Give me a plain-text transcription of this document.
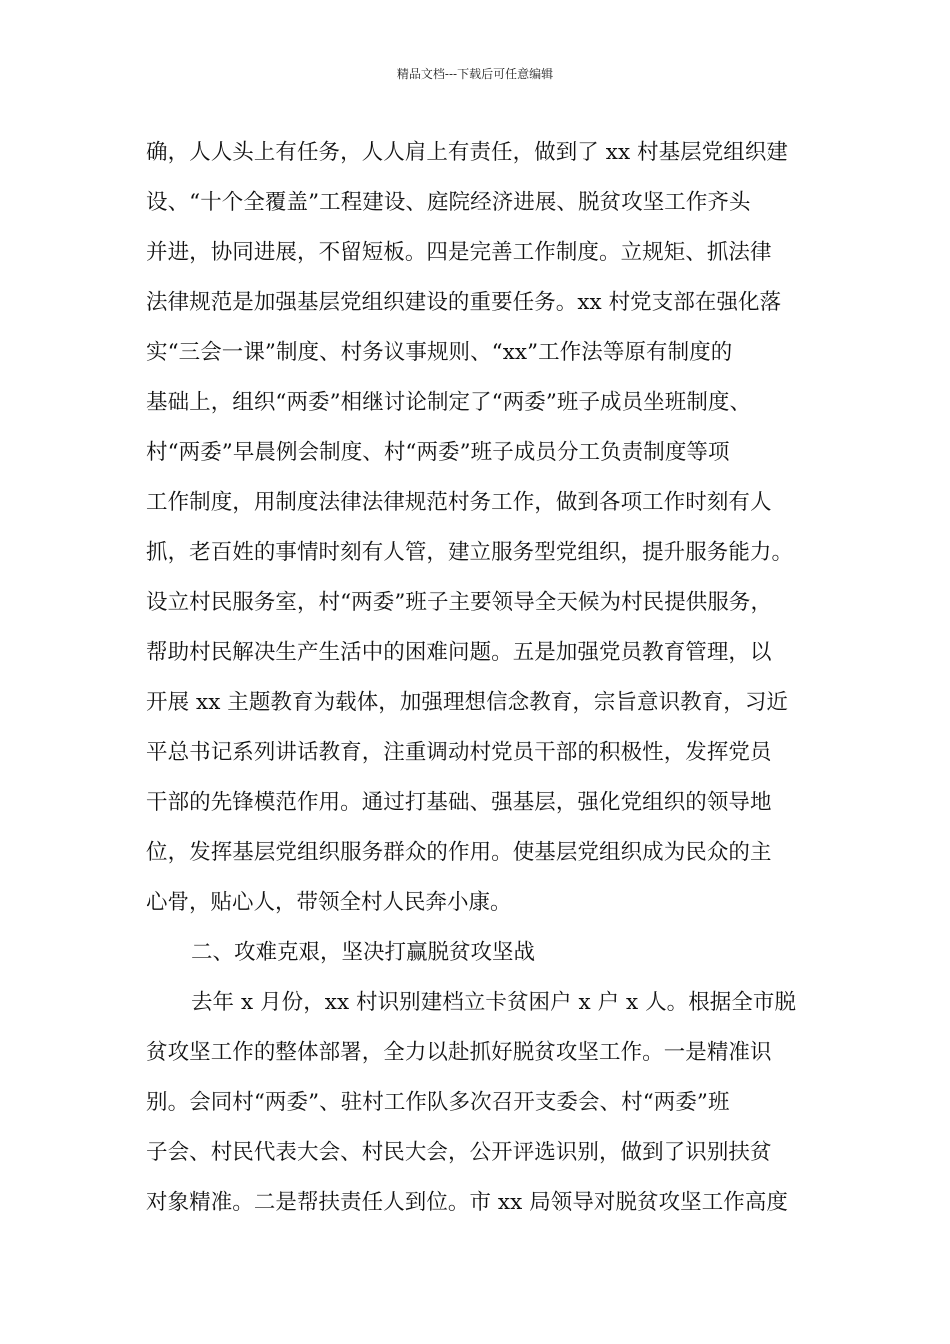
精品文档---下载后可任意编辑
确，人人头上有任务，人人肩上有责任，做到了 xx 村基层党组织建
设、“十个全覆盖”工程建设、庭院经济进展、脱贫攻坚工作齐头
并进，协同进展，不留短板。四是完善工作制度。立规矩、抓法律
法律规范是加强基层党组织建设的重要任务。xx 村党支部在强化落
实“三会一课”制度、村务议事规则、“xx”工作法等原有制度的
基础上，组织“两委”相继讨论制定了“两委”班子成员坐班制度、
村“两委”早晨例会制度、村“两委”班子成员分工负责制度等项
工作制度，用制度法律法律规范村务工作，做到各项工作时刻有人
抓，老百姓的事情时刻有人管，建立服务型党组织，提升服务能力。
设立村民服务室，村“两委”班子主要领导全天候为村民提供服务，
帮助村民解决生产生活中的困难问题。五是加强党员教育管理，以
开展 xx 主题教育为载体，加强理想信念教育，宗旨意识教育，习近
平总书记系列讲话教育，注重调动村党员干部的积极性，发挥党员
干部的先锋模范作用。通过打基础、强基层，强化党组织的领导地
位，发挥基层党组织服务群众的作用。使基层党组织成为民众的主
心骨，贴心人，带领全村人民奔小康。
二、攻难克艰，坚决打赢脱贫攻坚战
去年 x 月份，xx 村识别建档立卡贫困户 x 户 x 人。根据全市脱
贫攻坚工作的整体部署，全力以赴抓好脱贫攻坚工作。一是精准识
别。会同村“两委”、驻村工作队多次召开支委会、村“两委”班
子会、村民代表大会、村民大会，公开评选识别，做到了识别扶贫
对象精准。二是帮扶责任人到位。市 xx 局领导对脱贫攻坚工作高度
